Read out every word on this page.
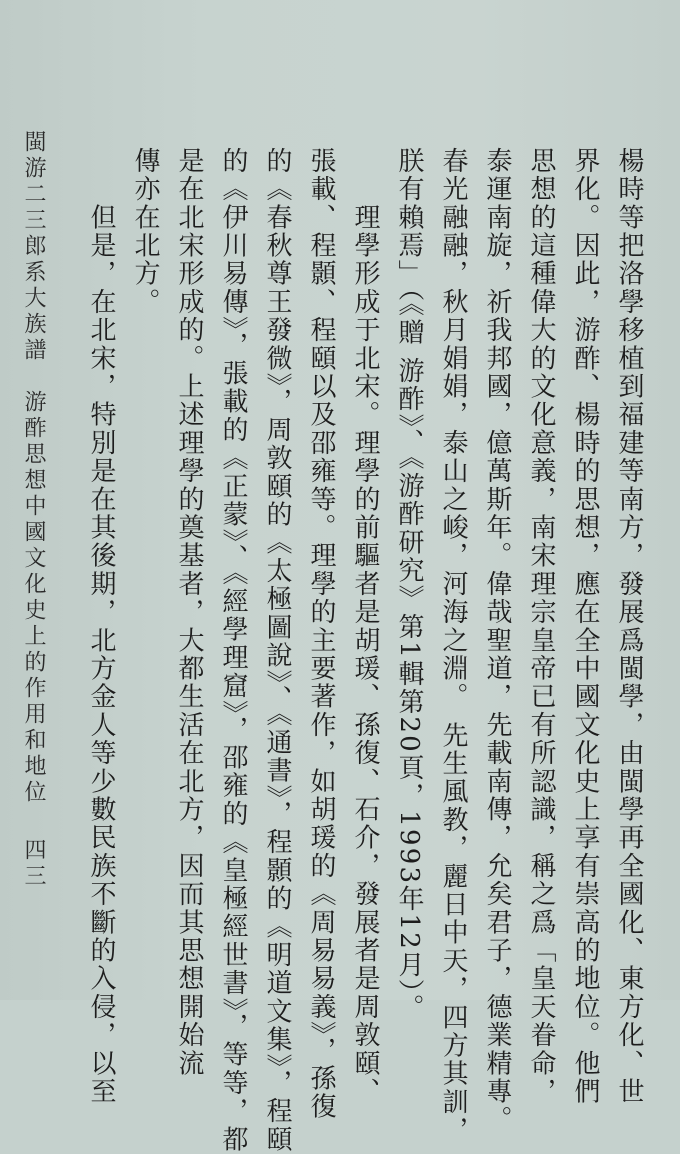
楊時等把洛學移植到福建等南方，發展爲閩學，由閩學再全國化、東方化、世
界化。因此，游酢、楊時的思想，應在全中國文化史上享有崇高的地位。他們
思想的這種偉大的文化意義，南宋理宗皇帝已有所認識，稱之爲「皇天眷命，
泰運南旋，祈我邦國，億萬斯年。偉哉聖道，先載南傳，允矣君子，德業精專。
春光融融，秋月娟娟，泰山之峻，河海之淵。 先生風教，麗日中天，四方其訓，
朕有賴焉」（《贈 游酢》、《游酢研究》第1輯第20頁，1993年12月）。
　　理學形成于北宋。理學的前驅者是胡瑗、孫復、石介，發展者是周敦頤、
張載、程顥、程頤以及邵雍等。理學的主要著作，如胡瑗的《周易易義》，孫復
的《春秋尊王發微》，周敦頤的《太極圖說》、《通書》，程顥的《明道文集》，程頤
的《伊川易傳》，張載的《正蒙》、《經學理窟》，邵雍的《皇極經世書》，等等，都
是在北宋形成的。上述理學的奠基者，大都生活在北方，因而其思想開始流
傳亦在北方。
　　但是，在北宋，特別是在其後期，北方金人等少數民族不斷的入侵，以至
閩游二三郎系大族譜
游酢思想中國文化史上的作用和地位
四三
